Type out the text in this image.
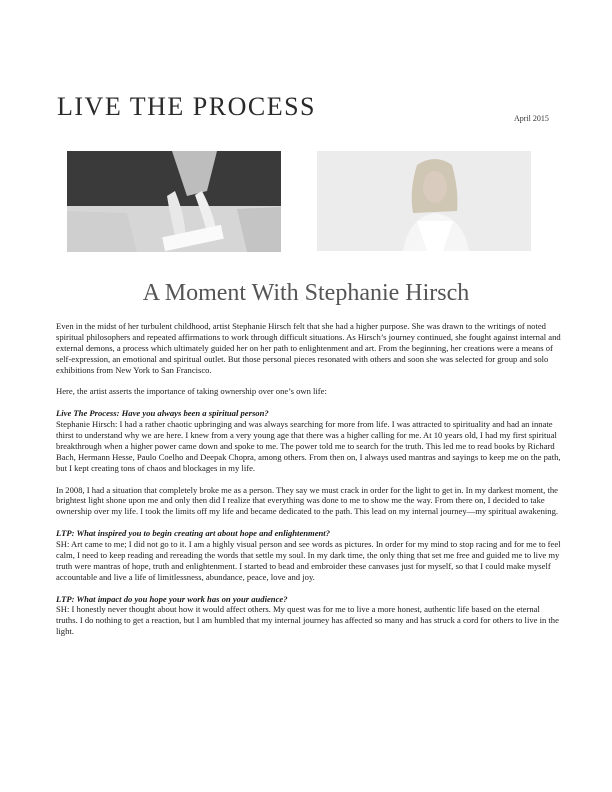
LIVE THE PROCESS	April 2015
A Moment With Stephanie Hirsch

Even in the midst of her turbulent childhood, artist Stephanie Hirsch felt that she had a higher purpose. She was drawn to the writings of noted spiritual philosophers and repeated affirmations to work through difficult situations. As Hirsch’s journey continued, she fought against internal and external demons, a process which ultimately guided her on her path to enlightenment and art. From the beginning, her creations were a means of self-expression, an emotional and spiritual outlet. But those personal pieces resonated with others and soon she was selected for group and solo exhibitions from New York to San Francisco.

Here, the artist asserts the importance of taking ownership over one’s own life:

Live The Process: Have you always been a spiritual person?
Stephanie Hirsch: I had a rather chaotic upbringing and was always searching for more from life. I was attracted to spirituality and had an innate thirst to understand why we are here. I knew from a very young age that there was a higher calling for me. At 10 years old, I had my first spiritual breakthrough when a higher power came down and spoke to me. The power told me to search for the truth. This led me to read books by Richard Bach, Hermann Hesse, Paulo Coelho and Deepak Chopra, among others. From then on, I always used mantras and sayings to keep me on the path, but I kept creating tons of chaos and blockages in my life.

In 2008, I had a situation that completely broke me as a person. They say we must crack in order for the light to get in. In my darkest moment, the brightest light shone upon me and only then did I realize that everything was done to me to show me the way. From there on, I decided to take ownership over my life. I took the limits off my life and became dedicated to the path. This lead on my internal journey—my spiritual awakening.

LTP: What inspired you to begin creating art about hope and enlightenment?
SH: Art came to me; I did not go to it. I am a highly visual person and see words as pictures. In order for my mind to stop racing and for me to feel calm, I need to keep reading and rereading the words that settle my soul. In my dark time, the only thing that set me free and guided me to live my truth were mantras of hope, truth and enlightenment. I started to bead and embroider these canvases just for myself, so that I could make myself accountable and live a life of limitlessness, abundance, peace, love and joy.
LTP: What impact do you hope your work has on your audience?
SH: I honestly never thought about how it would affect others. My quest was for me to live a more honest, authentic life based on the eternal truths. I do nothing to get a reaction, but I am humbled that my internal journey has affected so many and has struck a cord for others to live in the light.
